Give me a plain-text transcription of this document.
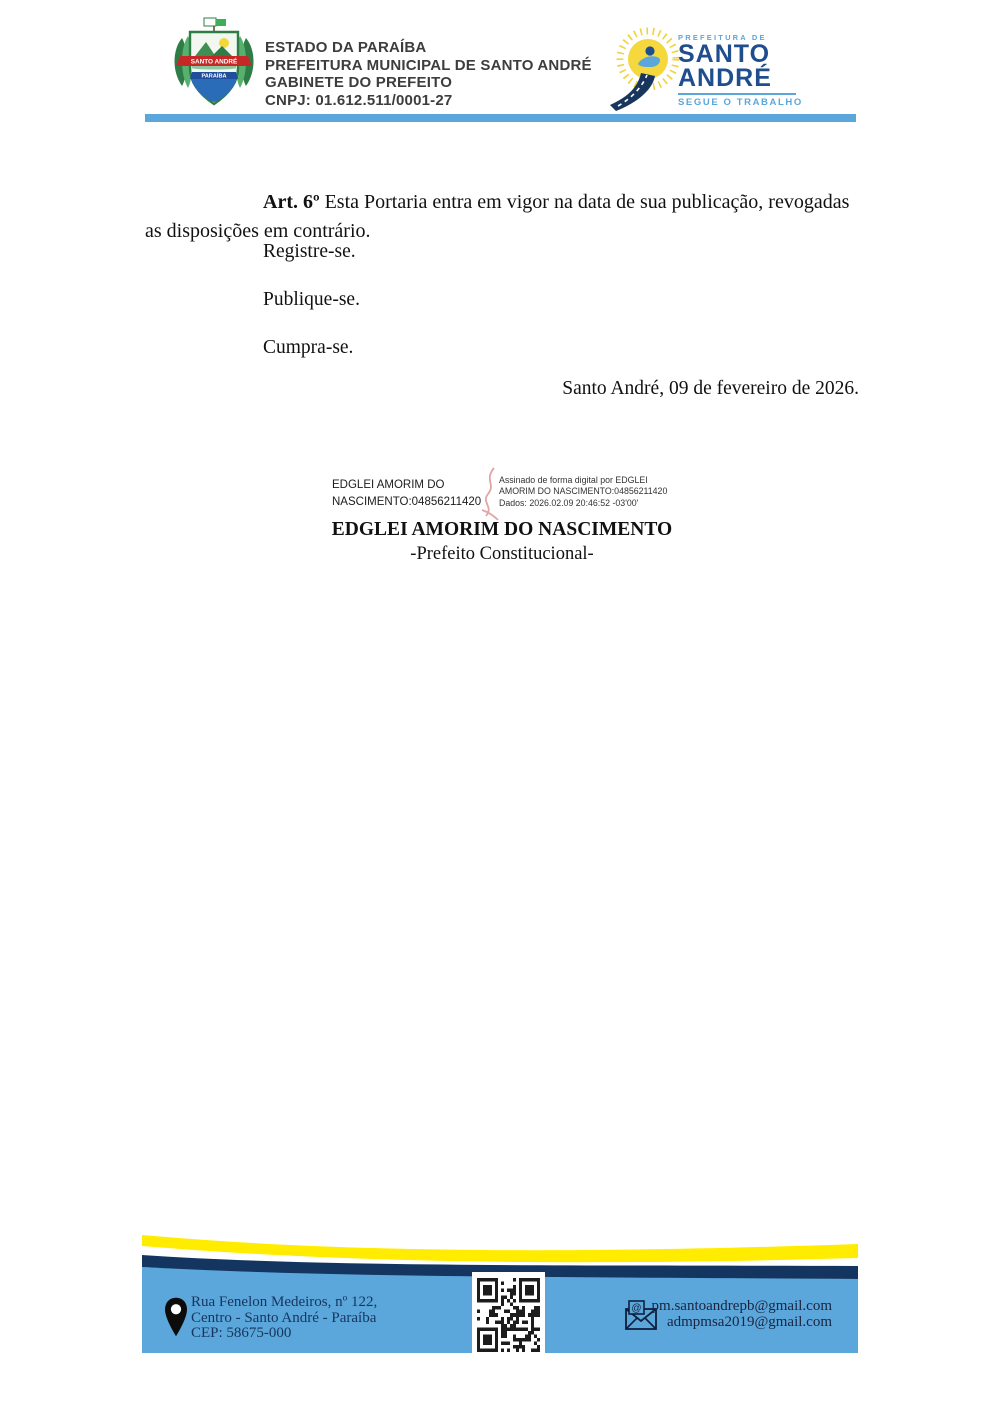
SANTO ANDRÉ
PARAÍBA
ESTADO DA PARAÍBA
PREFEITURA MUNICIPAL DE SANTO ANDRÉ
GABINETE DO PREFEITO
CNPJ: 01.612.511/0001-27
PREFEITURA DE
SANTO
ANDRÉ
SEGUE O TRABALHO

Art. 6º Esta Portaria entra em vigor na data de sua publicação, revogadas as disposições em contrário.

Registre-se.
Publique-se.
Cumpra-se.
Santo André, 09 de fevereiro de 2026.
EDGLEI AMORIM DO
NASCIMENTO:04856211420
Assinado de forma digital por EDGLEI
AMORIM DO NASCIMENTO:04856211420
Dados: 2026.02.09 20:46:52 -03'00'
EDGLEI AMORIM DO NASCIMENTO
-Prefeito Constitucional-
Rua Fenelon Medeiros, nº 122,
Centro - Santo André - Paraíba
CEP: 58675-000
@ pm.santoandrepb@gmail.com
admpmsa2019@gmail.com
